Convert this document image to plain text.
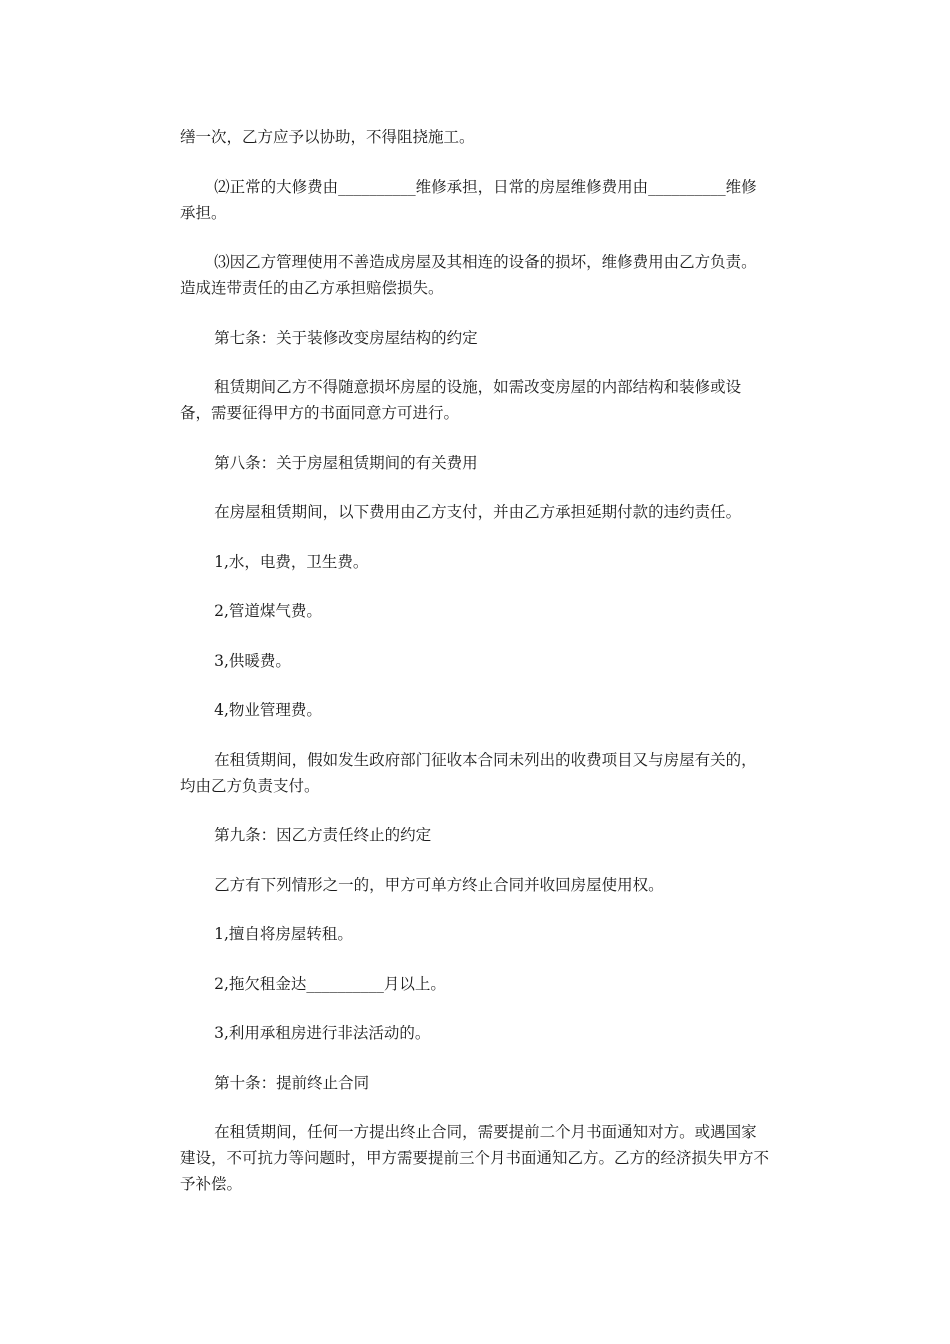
缮一次，乙方应予以协助，不得阻挠施工。

⑵正常的大修费由__________维修承担，日常的房屋维修费用由__________维修承担。

⑶因乙方管理使用不善造成房屋及其相连的设备的损坏，维修费用由乙方负责。造成连带责任的由乙方承担赔偿损失。

第七条：关于装修改变房屋结构的约定

租赁期间乙方不得随意损坏房屋的设施，如需改变房屋的内部结构和装修或设备，需要征得甲方的书面同意方可进行。

第八条：关于房屋租赁期间的有关费用

在房屋租赁期间，以下费用由乙方支付，并由乙方承担延期付款的违约责任。

1,水，电费，卫生费。

2,管道煤气费。

3,供暖费。

4,物业管理费。

在租赁期间，假如发生政府部门征收本合同未列出的收费项目又与房屋有关的，均由乙方负责支付。

第九条：因乙方责任终止的约定

乙方有下列情形之一的，甲方可单方终止合同并收回房屋使用权。

1,擅自将房屋转租。

2,拖欠租金达__________月以上。

3,利用承租房进行非法活动的。

第十条：提前终止合同

在租赁期间，任何一方提出终止合同，需要提前二个月书面通知对方。或遇国家建设，不可抗力等问题时，甲方需要提前三个月书面通知乙方。乙方的经济损失甲方不予补偿。
